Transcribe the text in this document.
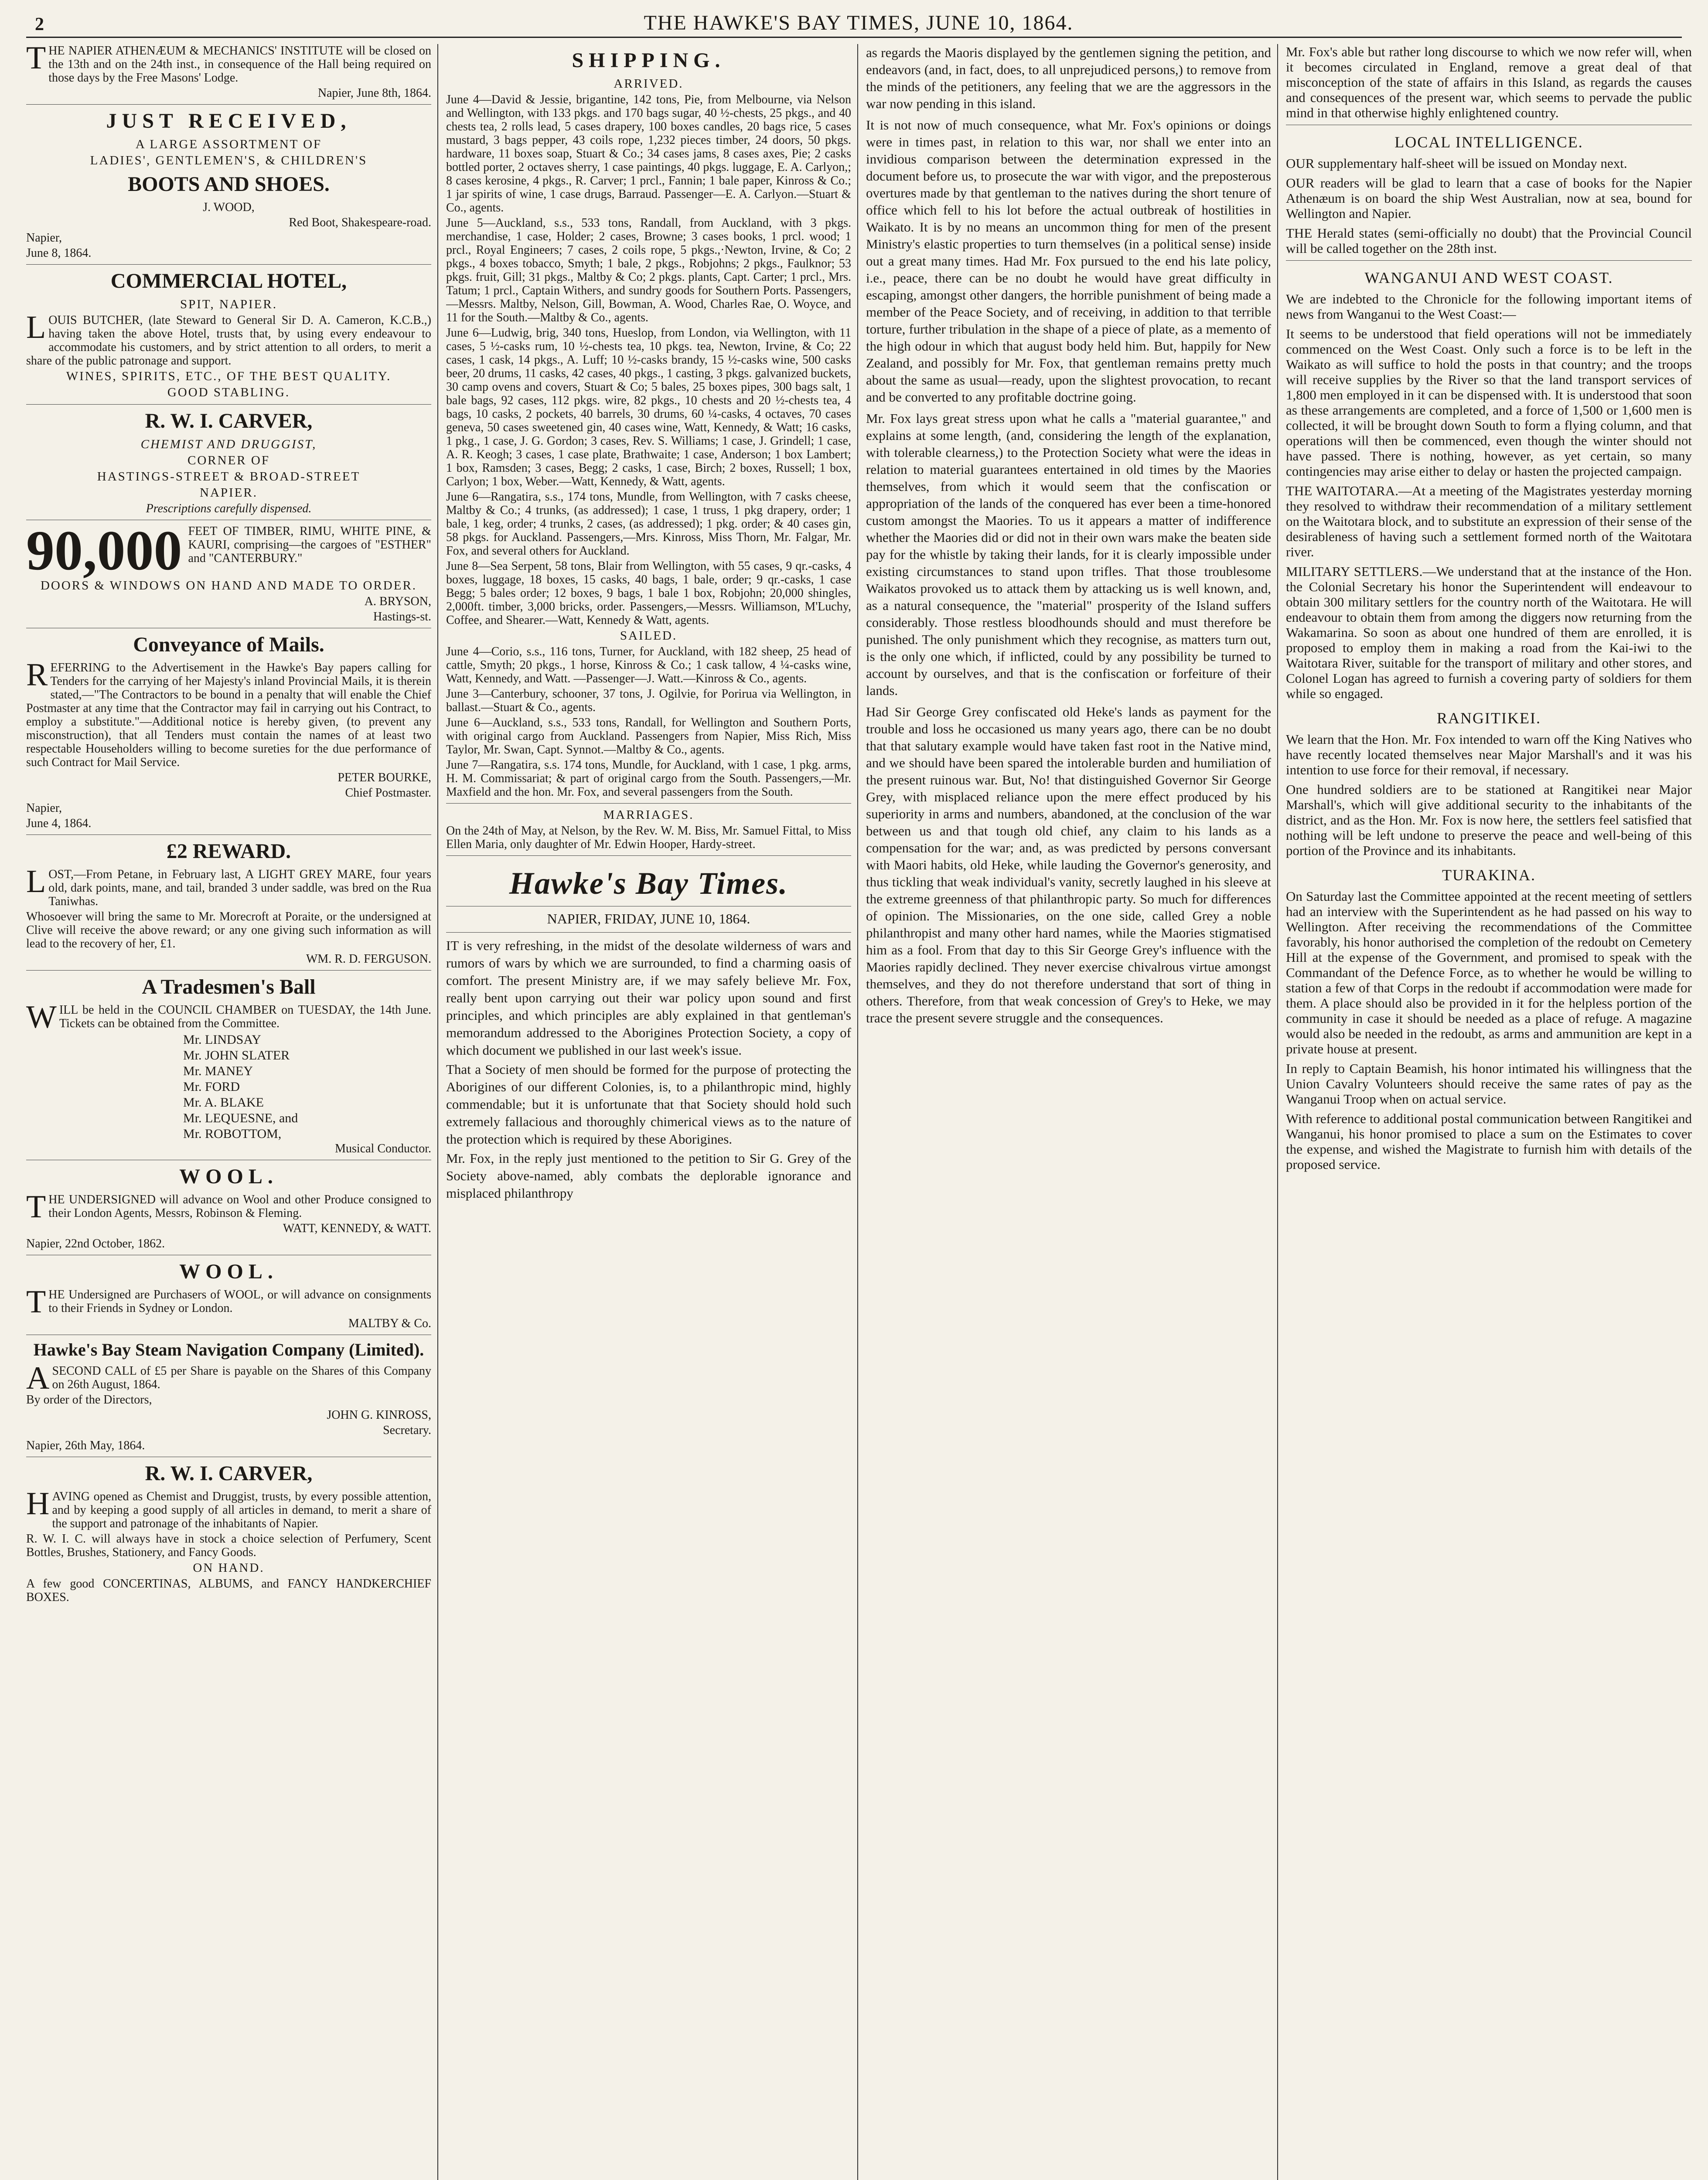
2	THE HAWKE'S BAY TIMES, JUNE 10, 1864.

THE NAPIER ATHENÆUM & MECHANICS' INSTITUTE will be closed on the 13th and on the 24th inst., in consequence of the Hall being required on those days by the Free Masons' Lodge.

Napier, June 8th, 1864.

JUST RECEIVED,
A LARGE ASSORTMENT OF
LADIES', GENTLEMEN'S, & CHILDREN'S
BOOTS AND SHOES.

J. WOOD,

Red Boot, Shakespeare-road.

Napier,

June 8, 1864.

COMMERCIAL HOTEL,
SPIT, NAPIER.

LOUIS BUTCHER, (late Steward to General Sir D. A. Cameron, K.C.B.,) having taken the above Hotel, trusts that, by using every endeavour to accommodate his customers, and by strict attention to all orders, to merit a share of the public patronage and support.

WINES, SPIRITS, ETC., OF THE BEST QUALITY.
GOOD STABLING.
R. W. I. CARVER,
CHEMIST AND DRUGGIST,
CORNER OF
HASTINGS-STREET & BROAD-STREET
NAPIER.

Prescriptions carefully dispensed.

90,000 FEET OF TIMBER, RIMU, WHITE PINE, & KAURI, comprising—the cargoes of "ESTHER" and "CANTERBURY."

DOORS & WINDOWS ON HAND AND MADE TO ORDER.

A. BRYSON,

Hastings-st.

Conveyance of Mails.

REFERRING to the Advertisement in the Hawke's Bay papers calling for Tenders for the carrying of her Majesty's inland Provincial Mails, it is therein stated,—"The Contractors to be bound in a penalty that will enable the Chief Postmaster at any time that the Contractor may fail in carrying out his Contract, to employ a substitute."—Additional notice is hereby given, (to prevent any misconstruction), that all Tenders must contain the names of at least two respectable Householders willing to become sureties for the due performance of such Contract for Mail Service.

PETER BOURKE,

Chief Postmaster.

Napier,

June 4, 1864.

£2 REWARD.

LOST,—From Petane, in February last, A LIGHT GREY MARE, four years old, dark points, mane, and tail, branded 3 under saddle, was bred on the Rua Taniwhas.

Whosoever will bring the same to Mr. Morecroft at Poraite, or the undersigned at Clive will receive the above reward; or any one giving such information as will lead to the recovery of her, £1.

WM. R. D. FERGUSON.

A Tradesmen's Ball

WILL be held in the COUNCIL CHAMBER on TUESDAY, the 14th June. Tickets can be obtained from the Committee.

Mr. LINDSAY
Mr. JOHN SLATER
Mr. MANEY
Mr. FORD
Mr. A. BLAKE
Mr. LEQUESNE, and
Mr. ROBOTTOM,

Musical Conductor.

WOOL.

THE UNDERSIGNED will advance on Wool and other Produce consigned to their London Agents, Messrs, Robinson & Fleming.

WATT, KENNEDY, & WATT.

Napier, 22nd October, 1862.

WOOL.

THE Undersigned are Purchasers of WOOL, or will advance on consignments to their Friends in Sydney or London.

MALTBY & Co.

Hawke's Bay Steam Navigation Company (Limited).

ASECOND CALL of £5 per Share is payable on the Shares of this Company on 26th August, 1864.

By order of the Directors,

JOHN G. KINROSS,

Secretary.

Napier, 26th May, 1864.

R. W. I. CARVER,

HAVING opened as Chemist and Druggist, trusts, by every possible attention, and by keeping a good supply of all articles in demand, to merit a share of the support and patronage of the inhabitants of Napier.

R. W. I. C. will always have in stock a choice selection of Perfumery, Scent Bottles, Brushes, Stationery, and Fancy Goods.

ON HAND.

A few good CONCERTINAS, ALBUMS, and FANCY HANDKERCHIEF BOXES.

SHIPPING.
ARRIVED.

June 4—David & Jessie, brigantine, 142 tons, Pie, from Melbourne, via Nelson and Wellington, with 133 pkgs. and 170 bags sugar, 40 ½-chests, 25 pkgs., and 40 chests tea, 2 rolls lead, 5 cases drapery, 100 boxes candles, 20 bags rice, 5 cases mustard, 3 bags pepper, 43 coils rope, 1,232 pieces timber, 24 doors, 50 pkgs. hardware, 11 boxes soap, Stuart & Co.; 34 cases jams, 8 cases axes, Pie; 2 casks bottled porter, 2 octaves sherry, 1 case paintings, 40 pkgs. luggage, E. A. Carlyon,; 8 cases kerosine, 4 pkgs., R. Carver; 1 prcl., Fannin; 1 bale paper, Kinross & Co.; 1 jar spirits of wine, 1 case drugs, Barraud. Passenger—E. A. Carlyon.—Stuart & Co., agents.

June 5—Auckland, s.s., 533 tons, Randall, from Auckland, with 3 pkgs. merchandise, 1 case, Holder; 2 cases, Browne; 3 cases books, 1 prcl. wood; 1 prcl., Royal Engineers; 7 cases, 2 coils rope, 5 pkgs.,·Newton, Irvine, & Co; 2 pkgs., 4 boxes tobacco, Smyth; 1 bale, 2 pkgs., Robjohns; 2 pkgs., Faulknor; 53 pkgs. fruit, Gill; 31 pkgs., Maltby & Co; 2 pkgs. plants, Capt. Carter; 1 prcl., Mrs. Tatum; 1 prcl., Captain Withers, and sundry goods for Southern Ports. Passengers,—Messrs. Maltby, Nelson, Gill, Bowman, A. Wood, Charles Rae, O. Woyce, and 11 for the South.—Maltby & Co., agents.

June 6—Ludwig, brig, 340 tons, Hueslop, from London, via Wellington, with 11 cases, 5 ½-casks rum, 10 ½-chests tea, 10 pkgs. tea, Newton, Irvine, & Co; 22 cases, 1 cask, 14 pkgs., A. Luff; 10 ½-casks brandy, 15 ½-casks wine, 500 casks beer, 20 drums, 11 casks, 42 cases, 40 pkgs., 1 casting, 3 pkgs. galvanized buckets, 30 camp ovens and covers, Stuart & Co; 5 bales, 25 boxes pipes, 300 bags salt, 1 bale bags, 92 cases, 112 pkgs. wire, 82 pkgs., 10 chests and 20 ½-chests tea, 4 bags, 10 casks, 2 pockets, 40 barrels, 30 drums, 60 ¼-casks, 4 octaves, 70 cases geneva, 50 cases sweetened gin, 40 cases wine, Watt, Kennedy, & Watt; 16 casks, 1 pkg., 1 case, J. G. Gordon; 3 cases, Rev. S. Williams; 1 case, J. Grindell; 1 case, A. R. Keogh; 3 cases, 1 case plate, Brathwaite; 1 case, Anderson; 1 box Lambert; 1 box, Ramsden; 3 cases, Begg; 2 casks, 1 case, Birch; 2 boxes, Russell; 1 box, Carlyon; 1 box, Weber.—Watt, Kennedy, & Watt, agents.

June 6—Rangatira, s.s., 174 tons, Mundle, from Wellington, with 7 casks cheese, Maltby & Co.; 4 trunks, (as addressed); 1 case, 1 truss, 1 pkg drapery, order; 1 bale, 1 keg, order; 4 trunks, 2 cases, (as addressed); 1 pkg. order; & 40 cases gin, 58 pkgs. for Auckland. Passengers,—Mrs. Kinross, Miss Thorn, Mr. Falgar, Mr. Fox, and several others for Auckland.

June 8—Sea Serpent, 58 tons, Blair from Wellington, with 55 cases, 9 qr.-casks, 4 boxes, luggage, 18 boxes, 15 casks, 40 bags, 1 bale, order; 9 qr.-casks, 1 case Begg; 5 bales order; 12 boxes, 9 bags, 1 bale 1 box, Robjohn; 20,000 shingles, 2,000ft. timber, 3,000 bricks, order. Passengers,—Messrs. Williamson, M'Luchy, Coffee, and Shearer.—Watt, Kennedy & Watt, agents.

SAILED.

June 4—Corio, s.s., 116 tons, Turner, for Auckland, with 182 sheep, 25 head of cattle, Smyth; 20 pkgs., 1 horse, Kinross & Co.; 1 cask tallow, 4 ¼-casks wine, Watt, Kennedy, and Watt. —Passenger—J. Watt.—Kinross & Co., agents.

June 3—Canterbury, schooner, 37 tons, J. Ogilvie, for Porirua via Wellington, in ballast.—Stuart & Co., agents.

June 6—Auckland, s.s., 533 tons, Randall, for Wellington and Southern Ports, with original cargo from Auckland. Passengers from Napier, Miss Rich, Miss Taylor, Mr. Swan, Capt. Synnot.—Maltby & Co., agents.

June 7—Rangatira, s.s. 174 tons, Mundle, for Auckland, with 1 case, 1 pkg. arms, H. M. Commissariat; & part of original cargo from the South. Passengers,—Mr. Maxfield and the hon. Mr. Fox, and several passengers from the South.

MARRIAGES.

On the 24th of May, at Nelson, by the Rev. W. M. Biss, Mr. Samuel Fittal, to Miss Ellen Maria, only daughter of Mr. Edwin Hooper, Hardy-street.

Hawke's Bay Times.
NAPIER, FRIDAY, JUNE 10, 1864.

IT is very refreshing, in the midst of the desolate wilderness of wars and rumors of wars by which we are surrounded, to find a charming oasis of comfort. The present Ministry are, if we may safely believe Mr. Fox, really bent upon carrying out their war policy upon sound and first principles, and which principles are ably explained in that gentleman's memorandum addressed to the Aborigines Protection Society, a copy of which document we published in our last week's issue.

That a Society of men should be formed for the purpose of protecting the Aborigines of our different Colonies, is, to a philanthropic mind, highly commendable; but it is unfortunate that that Society should hold such extremely fallacious and thoroughly chimerical views as to the nature of the protection which is required by these Aborigines.

Mr. Fox, in the reply just mentioned to the petition to Sir G. Grey of the Society above-named, ably combats the deplorable ignorance and misplaced philanthropy

as regards the Maoris displayed by the gentlemen signing the petition, and endeavors (and, in fact, does, to all unprejudiced persons,) to remove from the minds of the petitioners, any feeling that we are the aggressors in the war now pending in this island.

It is not now of much consequence, what Mr. Fox's opinions or doings were in times past, in relation to this war, nor shall we enter into an invidious comparison between the determination expressed in the document before us, to prosecute the war with vigor, and the preposterous overtures made by that gentleman to the natives during the short tenure of office which fell to his lot before the actual outbreak of hostilities in Waikato. It is by no means an uncommon thing for men of the present Ministry's elastic properties to turn themselves (in a political sense) inside out a great many times. Had Mr. Fox pursued to the end his late policy, i.e., peace, there can be no doubt he would have great difficulty in escaping, amongst other dangers, the horrible punishment of being made a member of the Peace Society, and of receiving, in addition to that terrible torture, further tribulation in the shape of a piece of plate, as a memento of the high odour in which that august body held him. But, happily for New Zealand, and possibly for Mr. Fox, that gentleman remains pretty much about the same as usual—ready, upon the slightest provocation, to recant and be converted to any profitable doctrine going.

Mr. Fox lays great stress upon what he calls a "material guarantee," and explains at some length, (and, considering the length of the explanation, with tolerable clearness,) to the Protection Society what were the ideas in relation to material guarantees entertained in old times by the Maories themselves, from which it would seem that the confiscation or appropriation of the lands of the conquered has ever been a time-honored custom amongst the Maories. To us it appears a matter of indifference whether the Maories did or did not in their own wars make the beaten side pay for the whistle by taking their lands, for it is clearly impossible under existing circumstances to stand upon trifles. That those troublesome Waikatos provoked us to attack them by attacking us is well known, and, as a natural consequence, the "material" prosperity of the Island suffers considerably. Those restless bloodhounds should and must therefore be punished. The only punishment which they recognise, as matters turn out, is the only one which, if inflicted, could by any possibility be turned to account by ourselves, and that is the confiscation or forfeiture of their lands.

Had Sir George Grey confiscated old Heke's lands as payment for the trouble and loss he occasioned us many years ago, there can be no doubt that that salutary example would have taken fast root in the Native mind, and we should have been spared the intolerable burden and humiliation of the present ruinous war. But, No! that distinguished Governor Sir George Grey, with misplaced reliance upon the mere effect produced by his superiority in arms and numbers, abandoned, at the conclusion of the war between us and that tough old chief, any claim to his lands as a compensation for the war; and, as was predicted by persons conversant with Maori habits, old Heke, while lauding the Governor's generosity, and thus tickling that weak individual's vanity, secretly laughed in his sleeve at the extreme greenness of that philanthropic party. So much for differences of opinion. The Missionaries, on the one side, called Grey a noble philanthropist and many other hard names, while the Maories stigmatised him as a fool. From that day to this Sir George Grey's influence with the Maories rapidly declined. They never exercise chivalrous virtue amongst themselves, and they do not therefore understand that sort of thing in others. Therefore, from that weak concession of Grey's to Heke, we may trace the present severe struggle and the consequences.

Mr. Fox's able but rather long discourse to which we now refer will, when it becomes circulated in England, remove a great deal of that misconception of the state of affairs in this Island, as regards the causes and consequences of the present war, which seems to pervade the public mind in that otherwise highly enlightened country.

LOCAL INTELLIGENCE.

OUR supplementary half-sheet will be issued on Monday next.

OUR readers will be glad to learn that a case of books for the Napier Athenæum is on board the ship West Australian, now at sea, bound for Wellington and Napier.

THE Herald states (semi-officially no doubt) that the Provincial Council will be called together on the 28th inst.

WANGANUI AND WEST COAST.

We are indebted to the Chronicle for the following important items of news from Wanganui to the West Coast:—

It seems to be understood that field operations will not be immediately commenced on the West Coast. Only such a force is to be left in the Waikato as will suffice to hold the posts in that country; and the troops will receive supplies by the River so that the land transport services of 1,800 men employed in it can be dispensed with. It is understood that soon as these arrangements are completed, and a force of 1,500 or 1,600 men is collected, it will be brought down South to form a flying column, and that operations will then be commenced, even though the winter should not have passed. There is nothing, however, as yet certain, so many contingencies may arise either to delay or hasten the projected campaign.

THE WAITOTARA.—At a meeting of the Magistrates yesterday morning they resolved to withdraw their recommendation of a military settlement on the Waitotara block, and to substitute an expression of their sense of the desirableness of having such a settlement formed north of the Waitotara river.

MILITARY SETTLERS.—We understand that at the instance of the Hon. the Colonial Secretary his honor the Superintendent will endeavour to obtain 300 military settlers for the country north of the Waitotara. He will endeavour to obtain them from among the diggers now returning from the Wakamarina. So soon as about one hundred of them are enrolled, it is proposed to employ them in making a road from the Kai-iwi to the Waitotara River, suitable for the transport of military and other stores, and Colonel Logan has agreed to furnish a covering party of soldiers for them while so engaged.

RANGITIKEI.

We learn that the Hon. Mr. Fox intended to warn off the King Natives who have recently located themselves near Major Marshall's and it was his intention to use force for their removal, if necessary.

One hundred soldiers are to be stationed at Rangitikei near Major Marshall's, which will give additional security to the inhabitants of the district, and as the Hon. Mr. Fox is now here, the settlers feel satisfied that nothing will be left undone to preserve the peace and well-being of this portion of the Province and its inhabitants.

TURAKINA.

On Saturday last the Committee appointed at the recent meeting of settlers had an interview with the Superintendent as he had passed on his way to Wellington. After receiving the recommendations of the Committee favorably, his honor authorised the completion of the redoubt on Cemetery Hill at the expense of the Government, and promised to speak with the Commandant of the Defence Force, as to whether he would be willing to station a few of that Corps in the redoubt if accommodation were made for them. A place should also be provided in it for the helpless portion of the community in case it should be needed as a place of refuge. A magazine would also be needed in the redoubt, as arms and ammunition are kept in a private house at present.

In reply to Captain Beamish, his honor intimated his willingness that the Union Cavalry Volunteers should receive the same rates of pay as the Wanganui Troop when on actual service.

With reference to additional postal communication between Rangitikei and Wanganui, his honor promised to place a sum on the Estimates to cover the expense, and wished the Magistrate to furnish him with details of the proposed service.
